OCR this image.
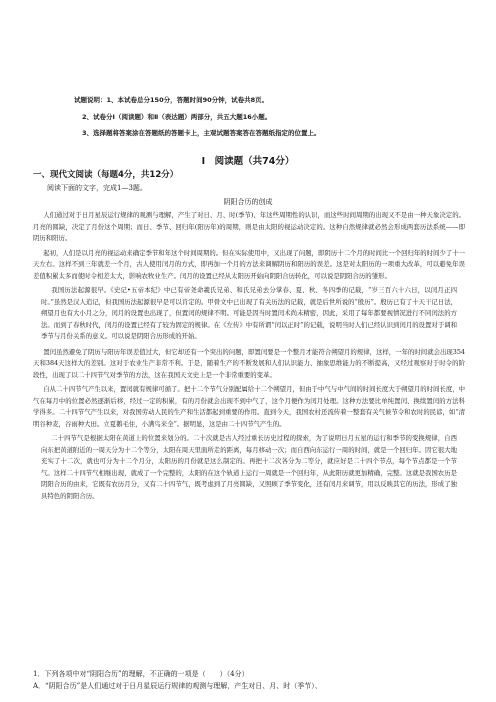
试题说明：1、本试卷总分150分，答题时间90分钟，试卷共8页。
2、试卷分Ⅰ（阅读题）和Ⅱ（表达题）两部分，共五大题16小题。
3、选择题将答案涂在答题纸的答题卡上，主观试题答案答在答题纸指定的位置上。
Ⅰ　阅读题（共74分）
一、现代文阅读（每题4分，共12分）
阅读下面的文字，完成1—3题。
阴阳合历的创成

人们通过对于日月星辰运行规律的观测与理解，产生了对日、月、时(季节)、年这些周期性的认识，而这些时间周期的出现又不是由一种天象决定的。月亮的圆缺，决定了月份这个周期；而日、季节、回归年(阳历年)的周期，则是由太阳的视运动决定的。这种自然规律就必然会形成两套历法系统——即阴历和阳历。

起初，人们是以月亮的视运动来确定季节和年这个时间周期的。但在实际使用中，又出现了问题，即阴历十二个月的时间比一个回归年的时间少了十一天左右。这样不到三年就差一个月，古人使用闰月的方式，即再加一个月的方法来调解阴历和阳历的误差。这是对太阳历的一项重大改革，可以避免年误差值积累太多而使时令相差太大，影响农牧业生产。闰月的设置已经从太阳历开始向阴阳合历转化，可以说是阴阳合历的雏形。

我国历法起源很早。《史记•五帝本纪》中已有帝尧命羲氏兄弟、和氏兄弟去分掌春、夏、秋、冬四季的记载，“岁三百六十六日，以闰月正四时。”虽然是汉人追记，但我国历法起源很早是可以肯定的。甲骨文中已出现了有关历法的记载，就是后世所说的“殷历”。殷历已有了十天干记日法，朔望月也有大小月之分，闰月的设置也出现了，但置闰的规律不明。可能是因当时置闰术尚未精密，因此，采用了每年都要视情况进行不同闰法的方法。而到了春秋时代，闰月的设置已经有了较为固定的规律。在《左传》中有所谓“闰以正时”的记载，说明当时人们已经认识到闰月的设置对于调和季节与月份关系的意义。可以说是阴阳合历形成的开始。

置闰虽然避免了阴历与阳历年误差值过大，但它却还有一个突出的问题，即置闰要是一个整月才能符合朔望月的规律，这样，一年的时间就会出现354天和384天这样大的差别。这对于农业生产非常不利。于是，随着生产的不断发展和人们认识能力、抽象思维能力的不断提高，又经过观察对于时令的阶段性，出现了以二十四节气对季节的方法，这在我国天文史上是一个非常重要的变革。

自从二十四节气产生以来，置闰就有规律可循了。把十二个节气分别配属给十二个朔望月，但由于中气与中气间的时间长度大于朔望月的时间长度，中气在每月中的位置必然逐渐后移，经过一定的积累，有的月份就会出现不到中气了，这个月便作为闰月处理。这种方法要比单纯置闰、换续置闰的方法科学得多。二十四节气产生以来，对我国劳动人民的生产和生活都起到重要的作用。直到今天，我国农村还流传着一整套有关气候节令和农时的民谚，如“清明谷种麦，谷雨种大田。立夏鹅毛住，小满鸟来全”。据明显，这是由二十四节气产生的。

二十四节气是根据太阳在黄道上的位置来划分的。二十次就是古人经过重长历史过程的探索，为了说明日月五星的运行和季节的变换规律，自西向东把黄道附近的一周天分为十二个等分，太阳在周天里面所走的距离，每月移动一次；而自西向东运行一周的时间，就是一个回归年。因它很大地充实了十二次，就也可分为十二个月分，太阳历的月份就是这么制定的。再把十二次各分为二等分，就应好是二十四个节点，每个节点都是一个节气。这样二十四节气相继出现，就成了一个完整的，太阳的在这个轨道上运行一周就是一个回归年，从此阳历就更加精确，完整。这就是我国农历是阴阳合历的由来，它既有农历月分，又有二十四节气，既考虑到了月亮圆缺，又照顾了季节变化，还有闰月来调节，用以反映其它的历法，形成了独具特色的阴阳合历。

1．下列各项中对“阴阳合历”的理解，不正确的一项是（　　）（4分）
A．“阴阳合历”是人们通过对于日月星辰运行规律的观测与理解，产生对日、月、时（季节）、
